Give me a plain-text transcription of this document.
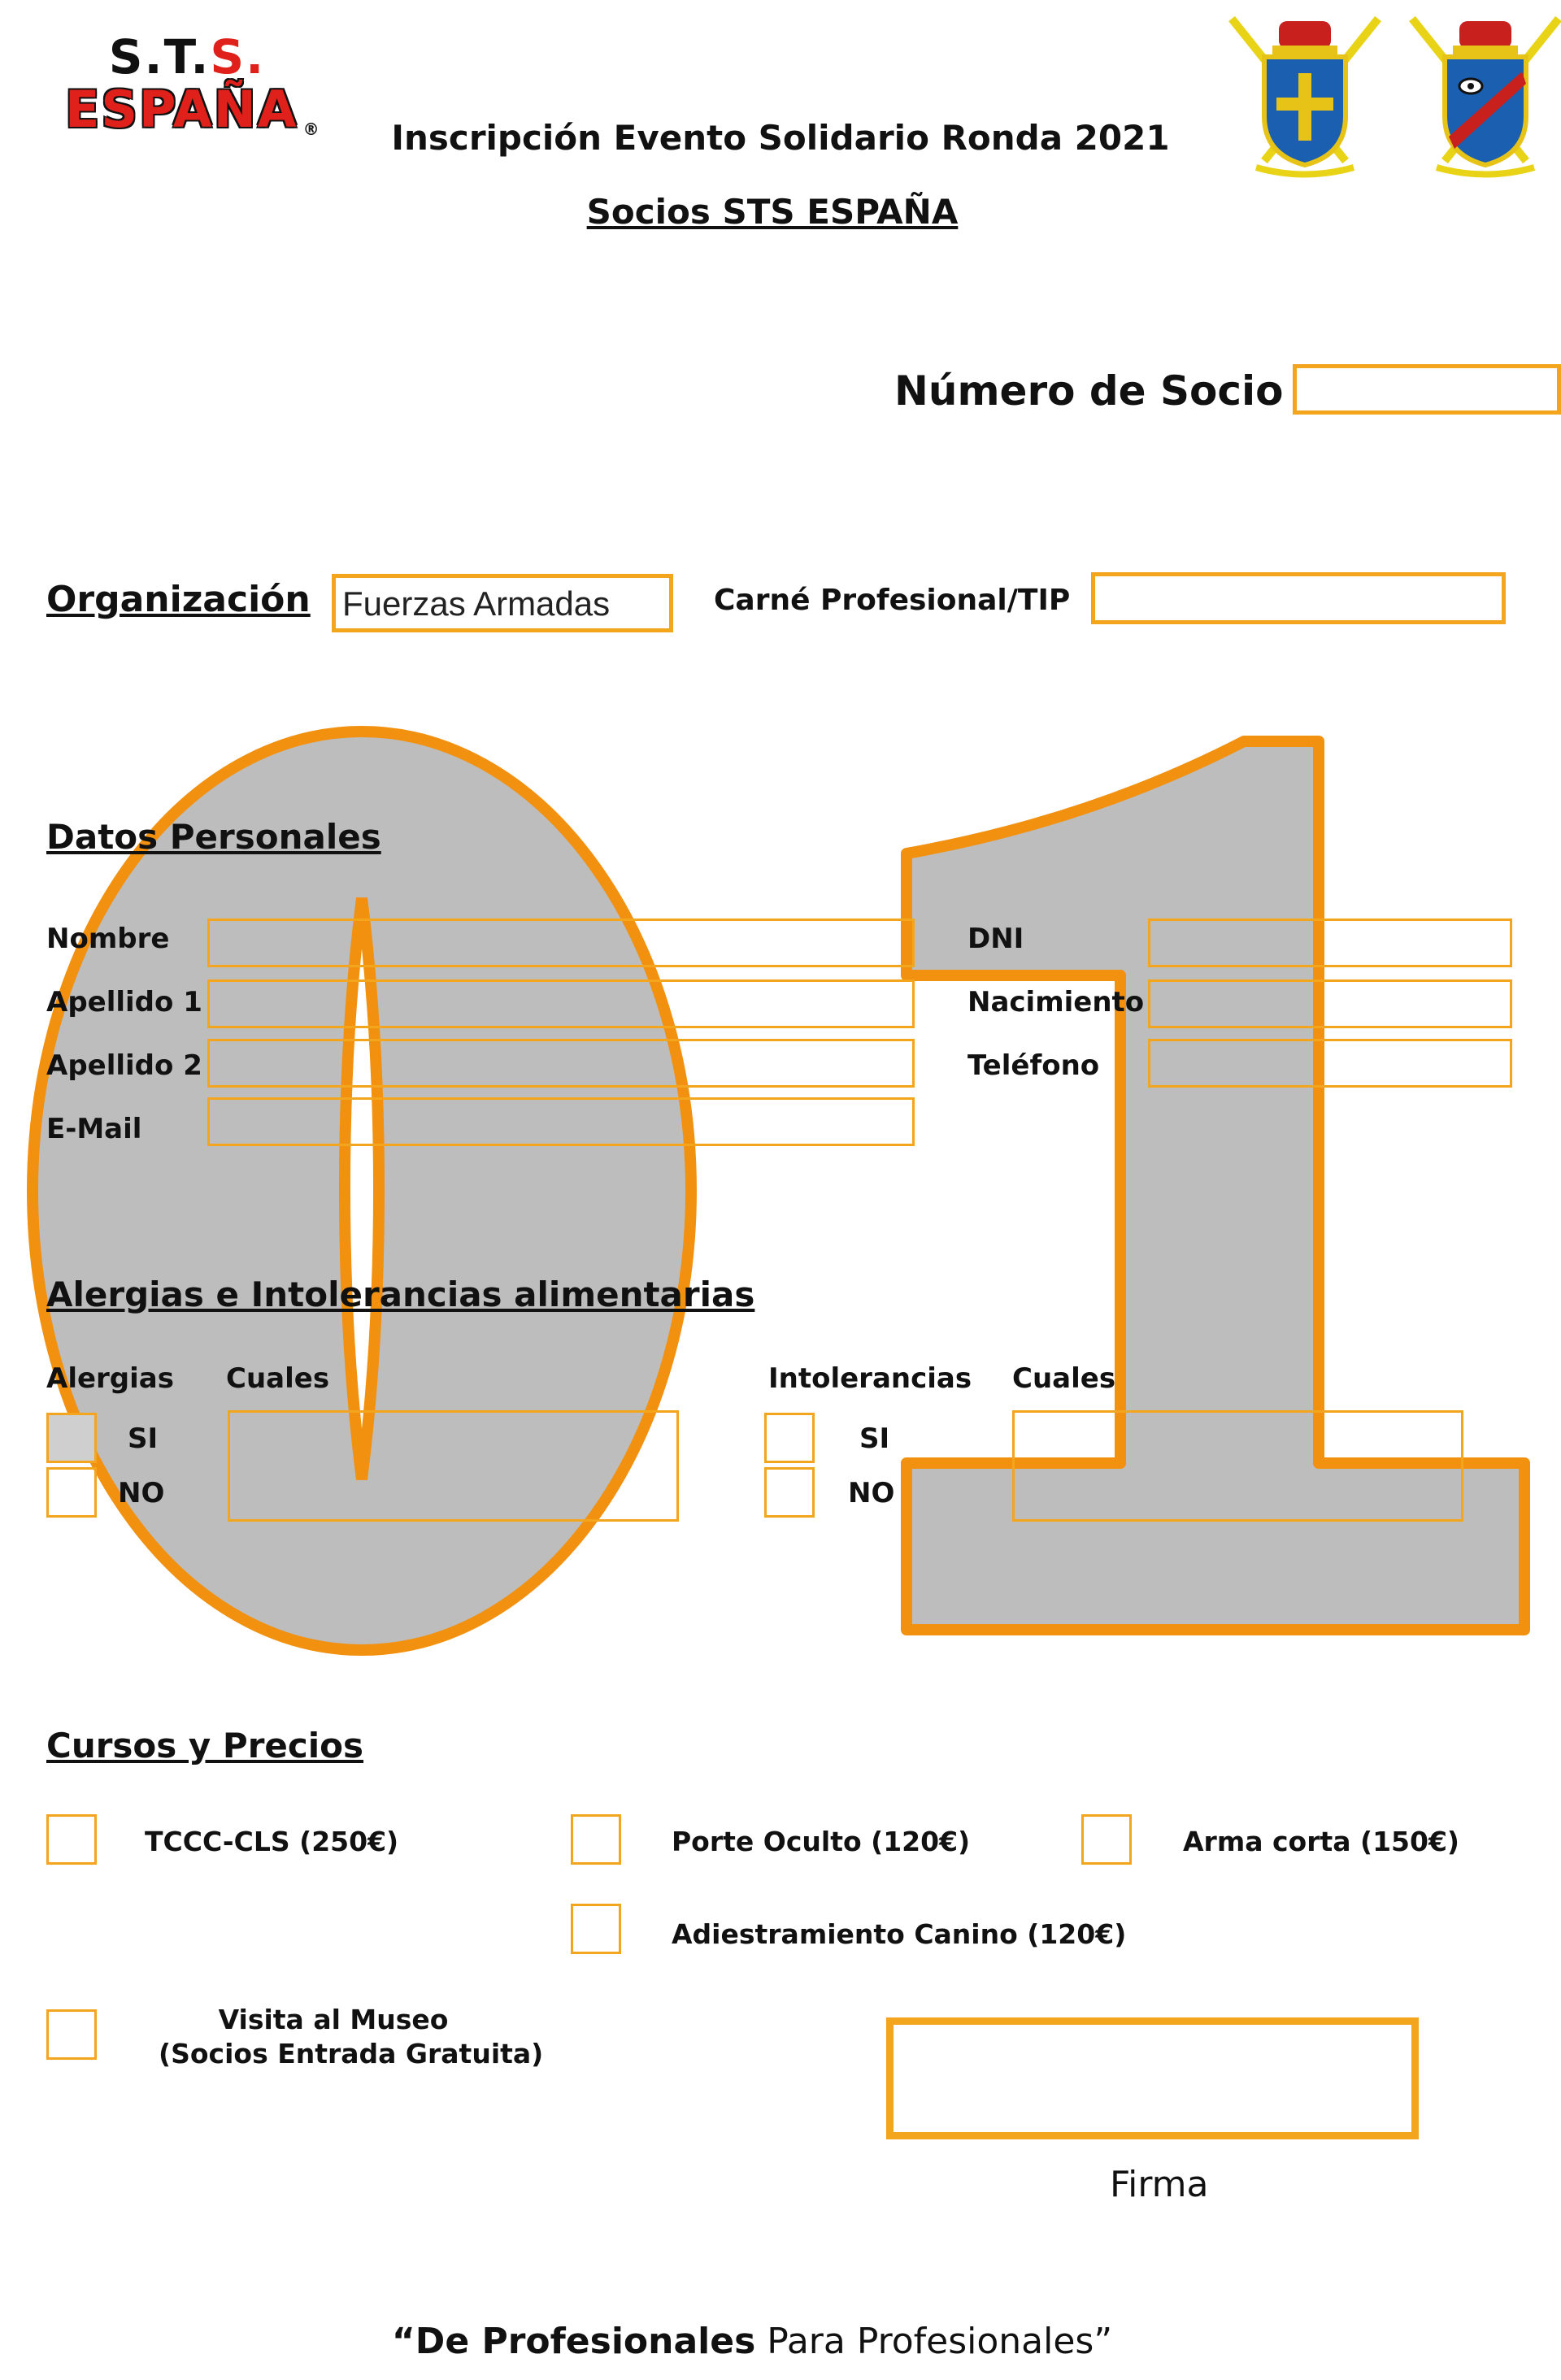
S.T.S.
ESPAÑA ®	Inscripción Evento Solidario Ronda 2021
Socios STS ESPAÑA
Número de Socio
Organización Fuerzas Armadas	Carné Profesional/TIP
Datos Personales
Nombre
Apellido 1
Apellido 2
E-Mail
DNI
Nacimiento
Teléfono
Alergias e Intolerancias alimentarias
Alergias Cuales
SI
NO
Intolerancias Cuales
SI
NO
Cursos y Precios
TCCC-CLS (250€)	Porte Oculto (120€)	Arma corta (150€)
Adiestramiento Canino (120€)
Visita al Museo
(Socios Entrada Gratuita)
Firma
“De Profesionales Para Profesionales”
